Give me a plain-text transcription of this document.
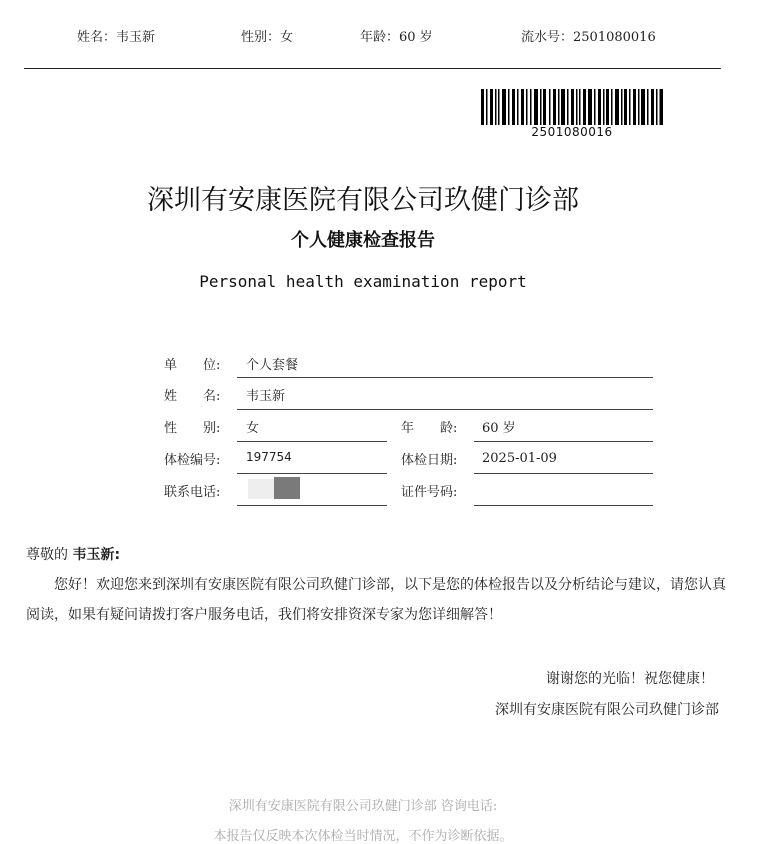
姓名：韦玉新	性别：女	年龄：60 岁	流水号：2501080016
2501080016
深圳有安康医院有限公司玖健门诊部
个人健康检查报告
Personal health examination report
单　　位: 个人套餐
姓　　名: 韦玉新
性　　别: 女	年　　龄: 60 岁
体检编号: 197754	体检日期: 2025-01-09
联系电话:	证件号码:
尊敬的 韦玉新:
您好！欢迎您来到深圳有安康医院有限公司玖健门诊部，以下是您的体检报告以及分析结论与建议，请您认真阅读，如果有疑问请拨打客户服务电话，我们将安排资深专家为您详细解答！
谢谢您的光临！祝您健康！
深圳有安康医院有限公司玖健门诊部
深圳有安康医院有限公司玖健门诊部 咨询电话:
本报告仅反映本次体检当时情况，不作为诊断依据。
